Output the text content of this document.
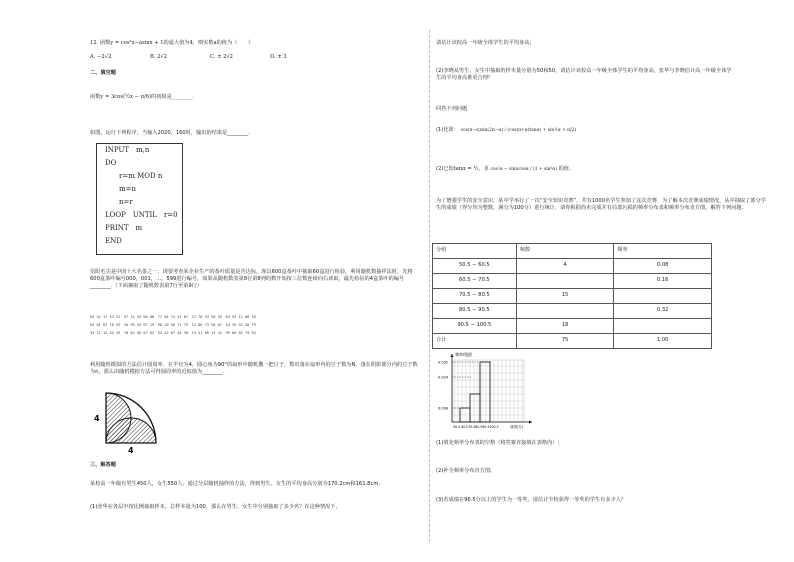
12. 函数y = cos²x−asinx + 1的最大值为4，则实数a的值为（　　）
A. −2√2	B. 2√2	C. ± 2√2	D. ± 3
二、填空题
函数y = 3cos(½x − π/6)的初相是________.
如图，运行下列程序，当输入2020，160时，输出的结果是________.
INPUT　m,n
DO
r=m MOD n
m=n
n=r
LOOP　UNTIL　r=0
PRINT　m
END
信阳毛尖是中国十大名茶之一，现要考查某企业生产的茶叶质量是否达标，现以600盒茶叶中抽取60盒进行检验，利用随机数抽样法时，先将600盒茶叶编号000，001，…，599进行编号，如果从随机数表第8行第8列的数开始按三位数连续向右读取，最先检验的4盒茶叶的编号________.（下面摘取了随机数表第7行至第9行）
84 42 17 53 31　57 24 55 06 88　77 04 74 47 67　21 76 33 50 25　83 92 12 06 76
63 01 63 78 59　16 95 55 67 19　98 10 50 71 75　12 86 73 58 07　44 39 52 38 79
33 21 12 34 29　78 64 56 07 82　52 42 07 44 38　15 51 00 13 42　99 66 02 79 54
利用随机模拟的方法估计圆周率．在半径为4，圆心角为90°的扇形中随机撒一把豆子，数出落在扇形内的豆子数为N，落在阴影部分内的豆子数为n，那么由随机模拟方法可得圆周率的近似值为________.
4
4
三、解答题
某校高一年级有男生450人，女生550人，通过分层随机抽样的方法，得到男生、女生的平均身高分别为170.2cm和161.8cm。
(1)张华在各层中按比例抽取样本，总样本量为100，那么在男生、女生中分别抽取了多少名？在这种情况下，
请估计该校高一年级全体学生的平均身高；
(2)李晓从男生、女生中抽取的样本量分别为50和50，请估计该校高一年级全体学生的平均身高，张华与李晓估计高一年级全体学生的平均身高谁更合理？
回答下列问题
(1)化简： cos(π−α)sin(2π−α) / (cos(π+α)tanα) + sin²(α + π/2)
(2)已知tanα = ½，求 cos²α − sinαcosα / (1 + sin²α) 的值.
为了增强学生的安全意识，某中学举行了一次“安全知识竞赛”，共有1000名学生参加了这次竞赛．为了解本次竞赛成绩情况，从中抽取了部分学生的成绩（得分均为整数，满分为100分）进行统计．请你根据尚未完成并有局部污损的频率分布表和频率分布直方图，解答下列问题：
分组	频数	频率
50.5 ∼ 60.5	4	0.08
60.5 ∼ 70.5		0.16
70.5 ∼ 80.5	15	
80.5 ∼ 90.5		0.32
90.5 ∼ 100.5	18	
合计	75	1.00
频率/组距
0.032
0.024
0.008
50.5 60.570.580.590.5100.5	成绩(分)
(1)填充频率分布表的空格（将答案直接填在表格内）;
(2)补全频率分布直方图;
(3)若成绩在96.5分以上的学生为一等奖，请估计全校获得一等奖的学生有多少人？
